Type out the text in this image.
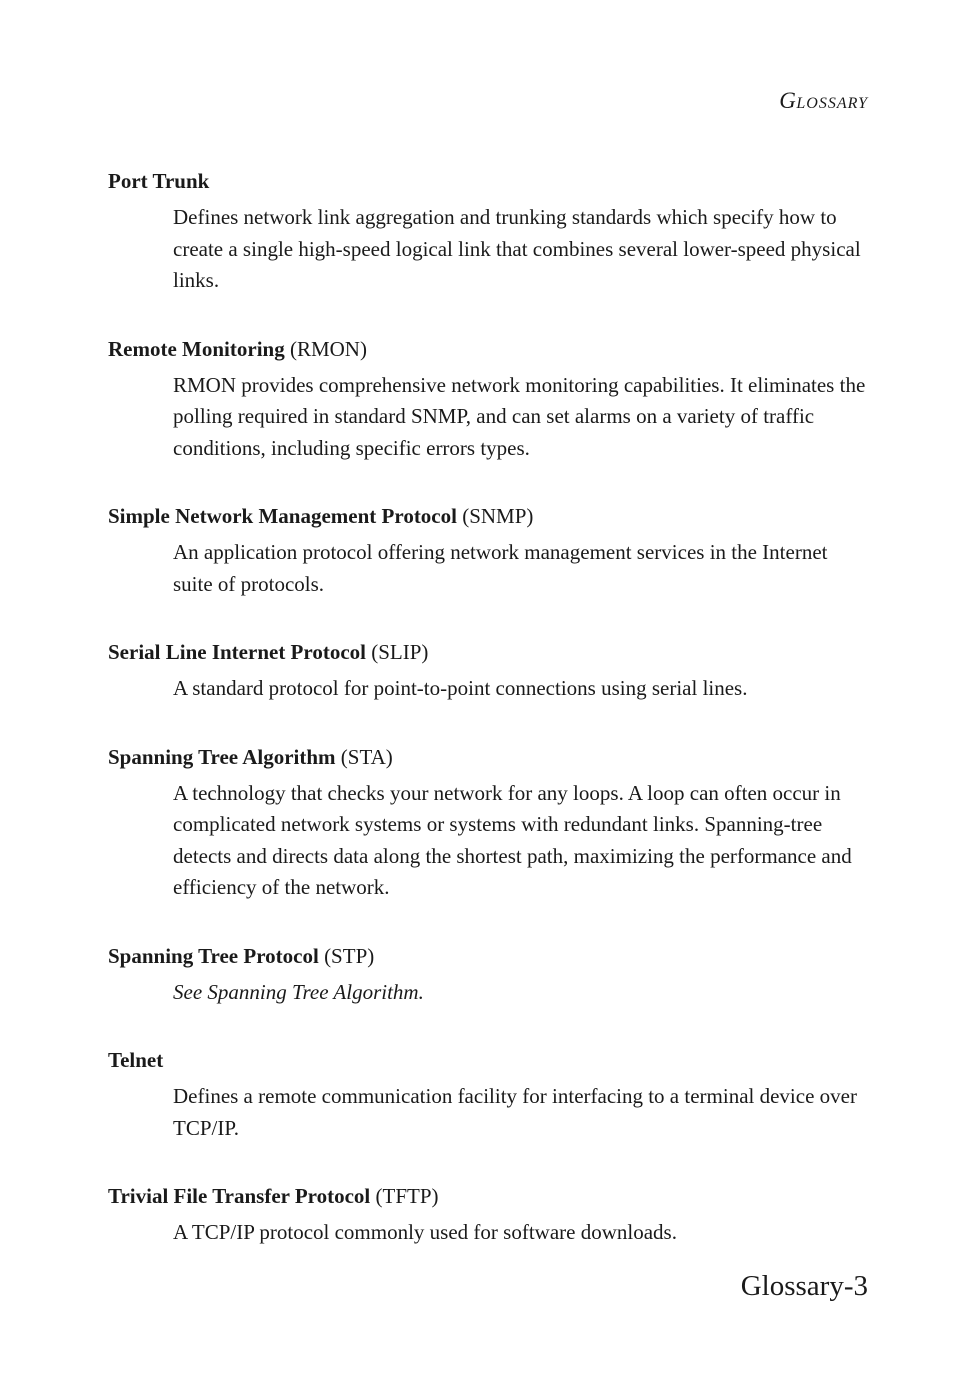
GLOSSARY
Port Trunk
Defines network link aggregation and trunking standards which specify how to create a single high-speed logical link that combines several lower-speed physical links.
Remote Monitoring (RMON)
RMON provides comprehensive network monitoring capabilities. It eliminates the polling required in standard SNMP, and can set alarms on a variety of traffic conditions, including specific errors types.
Simple Network Management Protocol (SNMP)
An application protocol offering network management services in the Internet suite of protocols.
Serial Line Internet Protocol (SLIP)
A standard protocol for point-to-point connections using serial lines.
Spanning Tree Algorithm (STA)
A technology that checks your network for any loops. A loop can often occur in complicated network systems or systems with redundant links. Spanning-tree detects and directs data along the shortest path, maximizing the performance and efficiency of the network.
Spanning Tree Protocol (STP)
See Spanning Tree Algorithm.
Telnet
Defines a remote communication facility for interfacing to a terminal device over TCP/IP.
Trivial File Transfer Protocol (TFTP)
A TCP/IP protocol commonly used for software downloads.
Glossary-3
